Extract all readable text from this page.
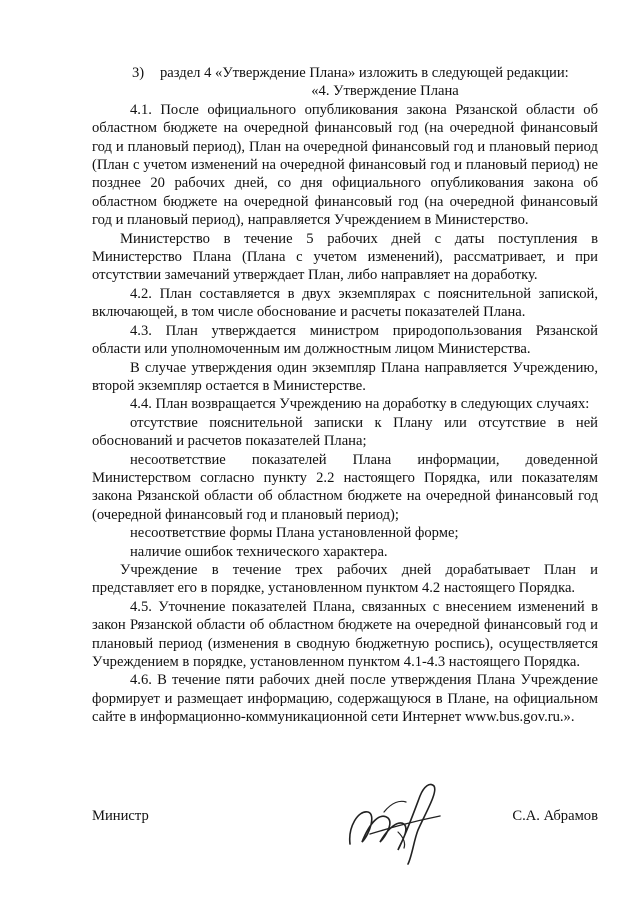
3)	раздел 4 «Утверждение Плана» изложить в следующей редакции:

«4. Утверждение Плана

4.1. После официального опубликования закона Рязанской области об областном бюджете на очередной финансовый год (на очередной финансовый год и плановый период), План на очередной финансовый год и плановый период (План с учетом изменений на очередной финансовый год и плановый период) не позднее 20 рабочих дней, со дня официального опубликования закона об областном бюджете на очередной финансовый год (на очередной финансовый год и плановый период), направляется Учреждением в Министерство.

Министерство в течение 5 рабочих дней с даты поступления в Министерство Плана (Плана с учетом изменений), рассматривает, и при отсутствии замечаний утверждает План, либо направляет на доработку.

4.2. План составляется в двух экземплярах с пояснительной запиской, включающей, в том числе обоснование и расчеты показателей Плана.

4.3. План утверждается министром природопользования Рязанской области или уполномоченным им должностным лицом Министерства.

В случае утверждения один экземпляр Плана направляется Учреждению, второй экземпляр остается в Министерстве.

4.4. План возвращается Учреждению на доработку в следующих случаях:

отсутствие пояснительной записки к Плану или отсутствие в ней обоснований и расчетов показателей Плана;

несоответствие показателей Плана информации, доведенной Министерством согласно пункту 2.2 настоящего Порядка, или показателям закона Рязанской области об областном бюджете на очередной финансовый год (очередной финансовый год и плановый период);

несоответствие формы Плана установленной форме;

наличие ошибок технического характера.

Учреждение в течение трех рабочих дней дорабатывает План и представляет его в порядке, установленном пунктом 4.2 настоящего Порядка.

4.5. Уточнение показателей Плана, связанных с внесением изменений в закон Рязанской области об областном бюджете на очередной финансовый год и плановый период (изменения в сводную бюджетную роспись), осуществляется Учреждением в порядке, установленном пунктом 4.1-4.3 настоящего Порядка.

4.6. В течение пяти рабочих дней после утверждения Плана Учреждение формирует и размещает информацию, содержащуюся в Плане, на официальном сайте в информационно-коммуникационной сети Интернет www.bus.gov.ru.».

Министр	С.А. Абрамов
